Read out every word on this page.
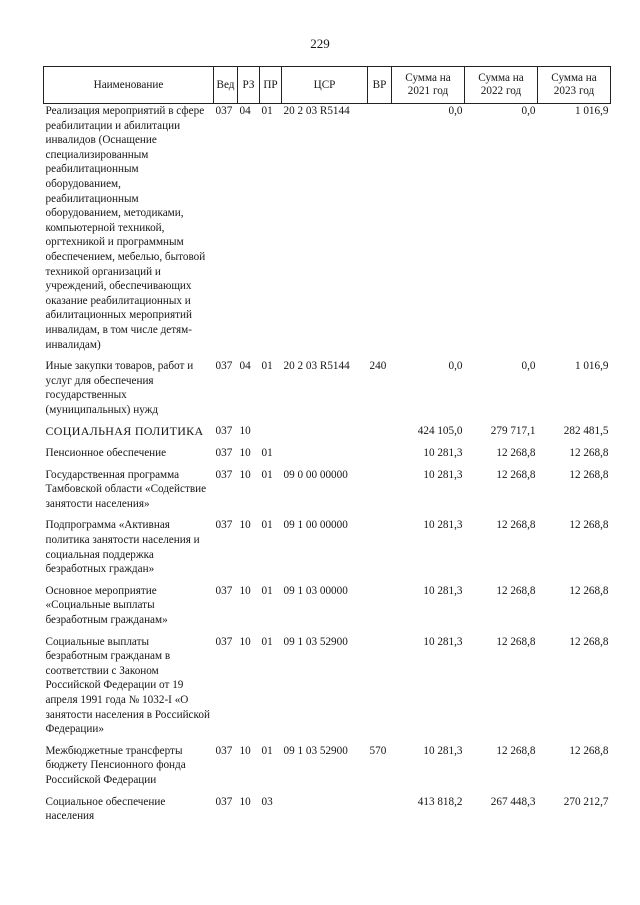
229
Наименование	Вед	РЗ	ПР	ЦСР	ВР	Сумма на 2021 год	Сумма на 2022 год	Сумма на 2023 год
Реализация мероприятий в сфере реабилитации и абилитации инвалидов (Оснащение специализированным реабилитационным оборудованием, реабилитационным оборудованием, методиками, компьютерной техникой, оргтехникой и программным обеспечением, мебелью, бытовой техникой организаций и учреждений, обеспечивающих оказание реабилитационных и абилитационных мероприятий инвалидам, в том числе детям-инвалидам)	037	04	01	20 2 03 R5144		0,0	0,0	1 016,9
Иные закупки товаров, работ и услуг для обеспечения государственных (муниципальных) нужд	037	04	01	20 2 03 R5144	240	0,0	0,0	1 016,9
СОЦИАЛЬНАЯ ПОЛИТИКА	037	10				424 105,0	279 717,1	282 481,5
Пенсионное обеспечение	037	10	01			10 281,3	12 268,8	12 268,8
Государственная программа Тамбовской области «Содействие занятости населения»	037	10	01	09 0 00 00000		10 281,3	12 268,8	12 268,8
Подпрограмма «Активная политика занятости населения и социальная поддержка безработных граждан»	037	10	01	09 1 00 00000		10 281,3	12 268,8	12 268,8
Основное мероприятие «Социальные выплаты безработным гражданам»	037	10	01	09 1 03 00000		10 281,3	12 268,8	12 268,8
Социальные выплаты безработным гражданам в соответствии с Законом Российской Федерации от 19 апреля 1991 года № 1032-I «О занятости населения в Российской Федерации»	037	10	01	09 1 03 52900		10 281,3	12 268,8	12 268,8
Межбюджетные трансферты бюджету Пенсионного фонда Российской Федерации	037	10	01	09 1 03 52900	570	10 281,3	12 268,8	12 268,8
Социальное обеспечение населения	037	10	03			413 818,2	267 448,3	270 212,7
